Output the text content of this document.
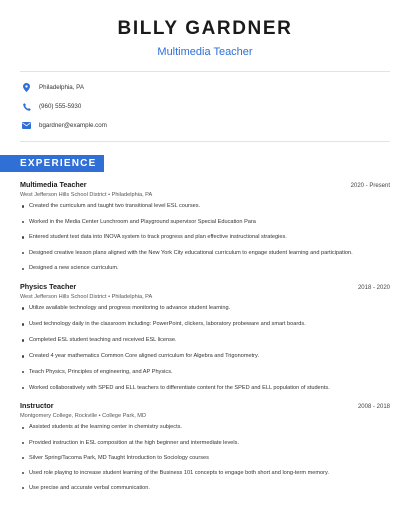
BILLY GARDNER
Multimedia Teacher
Philadelphia, PA
(960) 555-5930
bgardner@example.com
EXPERIENCE
Multimedia Teacher	2020 - Present
West Jefferson Hills School District • Philadelphia, PA
Created the curriculum and taught two transitional level ESL courses.
Worked in the Media Center Lunchroom and Playground supervisor Special Education Para
Entered student test data into INOVA system to track progress and plan effective instructional strategies.
Designed creative lesson plans aligned with the New York City educational curriculum to engage student learning and participation.
Designed a new science curriculum.
Physics Teacher	2018 - 2020
West Jefferson Hills School District • Philadelphia, PA
Utilize available technology and progress monitoring to advance student learning.
Used technology daily in the classroom including: PowerPoint, clickers, laboratory probeware and smart boards.
Completed ESL student teaching and received ESL license.
Created 4 year mathematics Common Core aligned curriculum for Algebra and Trigonometry.
Teach Physics, Principles of engineering, and AP Physics.
Worked collaboratively with SPED and ELL teachers to differentiate content for the SPED and ELL population of students.
Instructor	2008 - 2018
Montgomery College, Rockville • College Park, MD
Assisted students at the learning center in chemistry subjects.
Provided instruction in ESL composition at the high beginner and intermediate levels.
Silver Spring/Tacoma Park, MD Taught Introduction to Sociology courses
Used role playing to increase student learning of the Business 101 concepts to engage both short and long-term memory.
Use precise and accurate verbal communication.
